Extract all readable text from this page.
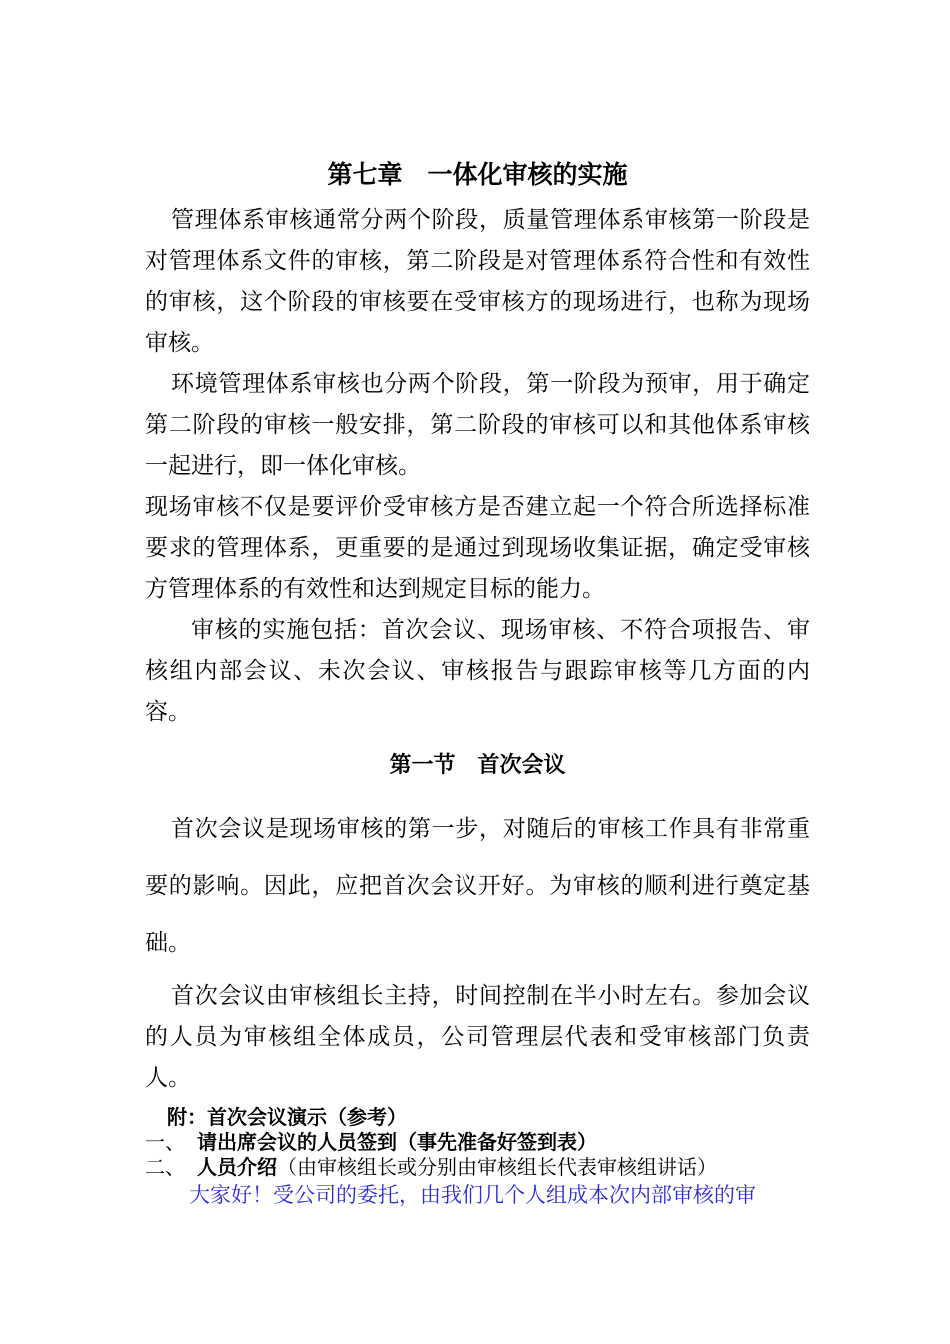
第七章　一体化审核的实施

管理体系审核通常分两个阶段，质量管理体系审核第一阶段是对管理体系文件的审核，第二阶段是对管理体系符合性和有效性的审核，这个阶段的审核要在受审核方的现场进行，也称为现场审核。

环境管理体系审核也分两个阶段，第一阶段为预审，用于确定第二阶段的审核一般安排，第二阶段的审核可以和其他体系审核一起进行，即一体化审核。

现场审核不仅是要评价受审核方是否建立起一个符合所选择标准要求的管理体系，更重要的是通过到现场收集证据，确定受审核方管理体系的有效性和达到规定目标的能力。

审核的实施包括：首次会议、现场审核、不符合项报告、审核组内部会议、未次会议、审核报告与跟踪审核等几方面的内容。

第一节　首次会议

首次会议是现场审核的第一步，对随后的审核工作具有非常重要的影响。因此，应把首次会议开好。为审核的顺利进行奠定基础。

首次会议由审核组长主持，时间控制在半小时左右。参加会议的人员为审核组全体成员，公司管理层代表和受审核部门负责人。

附：首次会议演示（参考）

一、 请出席会议的人员签到（事先准备好签到表）

二、 人员介绍（由审核组长或分别由审核组长代表审核组讲话）

大家好！受公司的委托，由我们几个人组成本次内部审核的审
